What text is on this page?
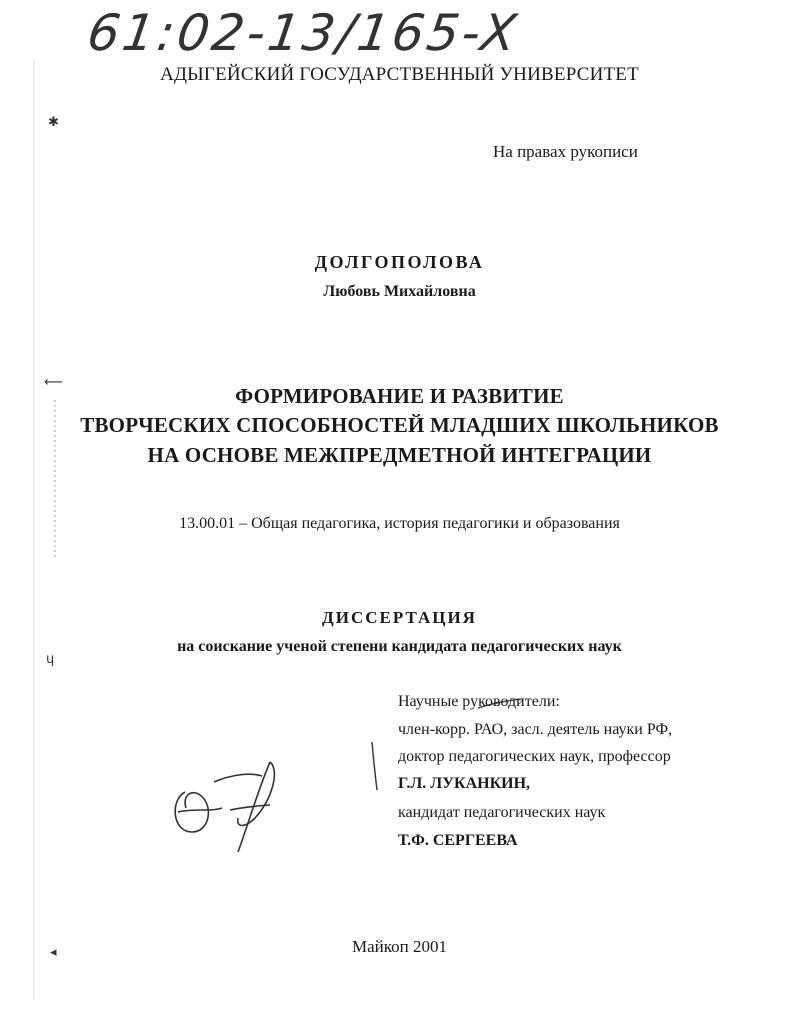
61:02-13/165-X
АДЫГЕЙСКИЙ ГОСУДАРСТВЕННЫЙ УНИВЕРСИТЕТ
На правах рукописи
ДОЛГОПОЛОВА
Любовь Михайловна
ФОРМИРОВАНИЕ И РАЗВИТИЕ
ТВОРЧЕСКИХ СПОСОБНОСТЕЙ МЛАДШИХ ШКОЛЬНИКОВ
НА ОСНОВЕ МЕЖПРЕДМЕТНОЙ ИНТЕГРАЦИИ
13.00.01 – Общая педагогика, история педагогики и образования
ДИССЕРТАЦИЯ
на соискание ученой степени кандидата педагогических наук
Научные руководители:
член-корр. РАО, засл. деятель науки РФ,
доктор педагогических наук, профессор
Г.Л. ЛУКАНКИН,
кандидат педагогических наук
Т.Ф. СЕРГЕЕВА
Майкоп 2001
✱
⟵
ɥ
◂
